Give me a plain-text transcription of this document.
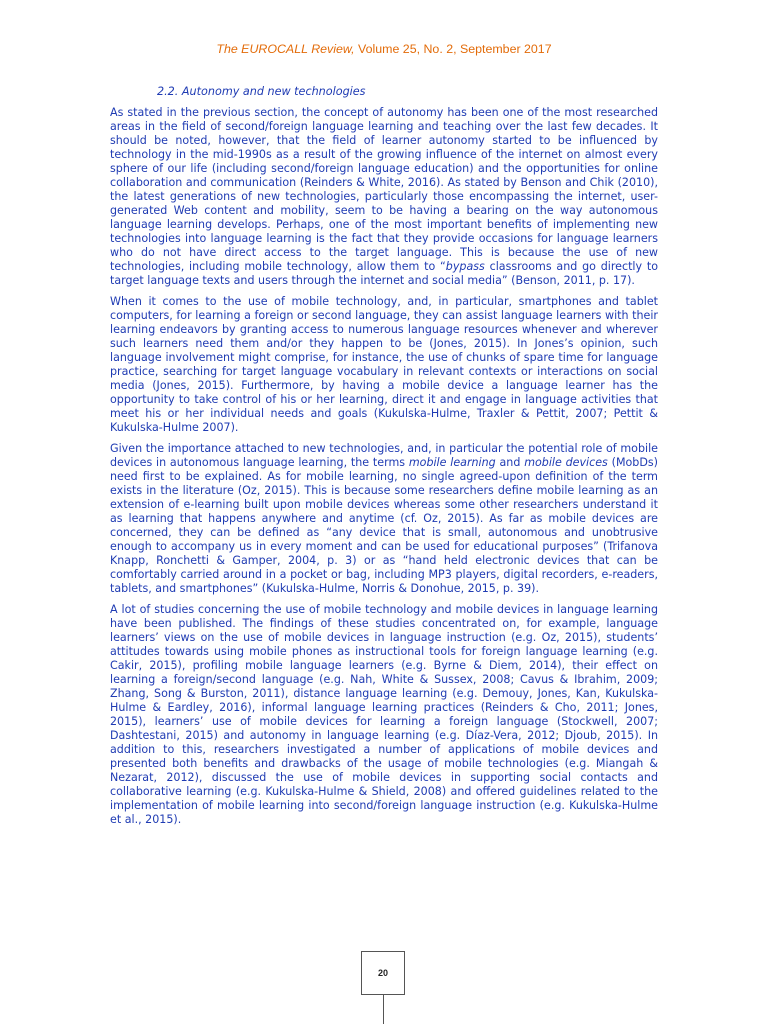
The EUROCALL Review, Volume 25, No. 2, September 2017
2.2. Autonomy and new technologies

As stated in the previous section, the concept of autonomy has been one of the most researched areas in the field of second/foreign language learning and teaching over the last few decades. It should be noted, however, that the field of learner autonomy started to be influenced by technology in the mid-1990s as a result of the growing influence of the internet on almost every sphere of our life (including second/foreign language education) and the opportunities for online collaboration and communication (Reinders & White, 2016). As stated by Benson and Chik (2010), the latest generations of new technologies, particularly those encompassing the internet, user-generated Web content and mobility, seem to be having a bearing on the way autonomous language learning develops. Perhaps, one of the most important benefits of implementing new technologies into language learning is the fact that they provide occasions for language learners who do not have direct access to the target language. This is because the use of new technologies, including mobile technology, allow them to “bypass classrooms and go directly to target language texts and users through the internet and social media” (Benson, 2011, p. 17).

When it comes to the use of mobile technology, and, in particular, smartphones and tablet computers, for learning a foreign or second language, they can assist language learners with their learning endeavors by granting access to numerous language resources whenever and wherever such learners need them and/or they happen to be (Jones, 2015). In Jones’s opinion, such language involvement might comprise, for instance, the use of chunks of spare time for language practice, searching for target language vocabulary in relevant contexts or interactions on social media (Jones, 2015). Furthermore, by having a mobile device a language learner has the opportunity to take control of his or her learning, direct it and engage in language activities that meet his or her individual needs and goals (Kukulska-Hulme, Traxler & Pettit, 2007; Pettit & Kukulska-Hulme 2007).

Given the importance attached to new technologies, and, in particular the potential role of mobile devices in autonomous language learning, the terms mobile learning and mobile devices (MobDs) need first to be explained. As for mobile learning, no single agreed-upon definition of the term exists in the literature (Oz, 2015). This is because some researchers define mobile learning as an extension of e-learning built upon mobile devices whereas some other researchers understand it as learning that happens anywhere and anytime (cf. Oz, 2015). As far as mobile devices are concerned, they can be defined as “any device that is small, autonomous and unobtrusive enough to accompany us in every moment and can be used for educational purposes” (Trifanova Knapp, Ronchetti & Gamper, 2004, p. 3) or as “hand held electronic devices that can be comfortably carried around in a pocket or bag, including MP3 players, digital recorders, e-readers, tablets, and smartphones” (Kukulska-Hulme, Norris & Donohue, 2015, p. 39).

A lot of studies concerning the use of mobile technology and mobile devices in language learning have been published. The findings of these studies concentrated on, for example, language learners’ views on the use of mobile devices in language instruction (e.g. Oz, 2015), students’ attitudes towards using mobile phones as instructional tools for foreign language learning (e.g. Cakir, 2015), profiling mobile language learners (e.g. Byrne & Diem, 2014), their effect on learning a foreign/second language (e.g. Nah, White & Sussex, 2008; Cavus & Ibrahim, 2009; Zhang, Song & Burston, 2011), distance language learning (e.g. Demouy, Jones, Kan, Kukulska-Hulme & Eardley, 2016), informal language learning practices (Reinders & Cho, 2011; Jones, 2015), learners’ use of mobile devices for learning a foreign language (Stockwell, 2007; Dashtestani, 2015) and autonomy in language learning (e.g. Díaz-Vera, 2012; Djoub, 2015). In addition to this, researchers investigated a number of applications of mobile devices and presented both benefits and drawbacks of the usage of mobile technologies (e.g. Miangah & Nezarat, 2012), discussed the use of mobile devices in supporting social contacts and collaborative learning (e.g. Kukulska-Hulme & Shield, 2008) and offered guidelines related to the implementation of mobile learning into second/foreign language instruction (e.g. Kukulska-Hulme et al., 2015).

20
